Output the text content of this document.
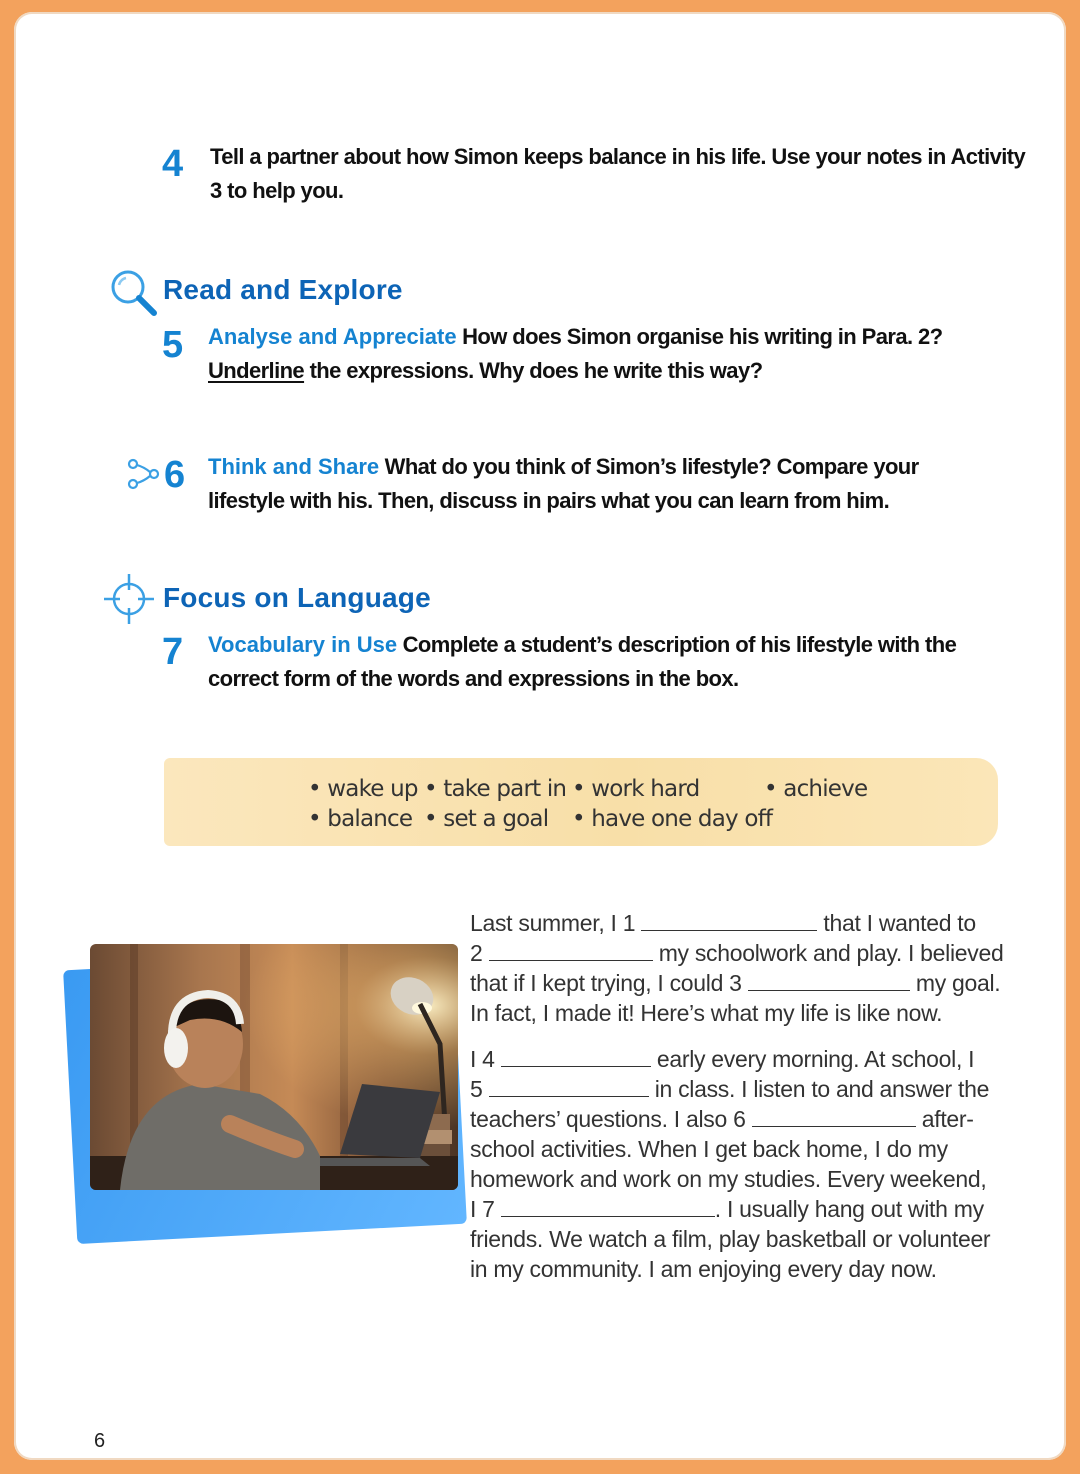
4 Tell a partner about how Simon keeps balance in his life. Use your notes in Activity
3 to help you.
Read and Explore
5 Analyse and Appreciate How does Simon organise his writing in Para. 2?
Underline the expressions. Why does he write this way?
6 Think and Share What do you think of Simon’s lifestyle? Compare your
lifestyle with his. Then, discuss in pairs what you can learn from him.
Focus on Language
7 Vocabulary in Use Complete a student’s description of his lifestyle with the
correct form of the words and expressions in the box.
• wake up • take part in • work hard	• achieve
• balance • set a goal • have one day off

Last summer, I 1	that I wanted to
2	my schoolwork and play. I believed
that if I kept trying, I could 3	my goal.
In fact, I made it! Here’s what my life is like now.

I 4	early every morning. At school, I
5	in class. I listen to and answer the
teachers’ questions. I also 6	after-
school activities. When I get back home, I do my
homework and work on my studies. Every weekend,
I 7	. I usually hang out with my
friends. We watch a film, play basketball or volunteer
in my community. I am enjoying every day now.

6
